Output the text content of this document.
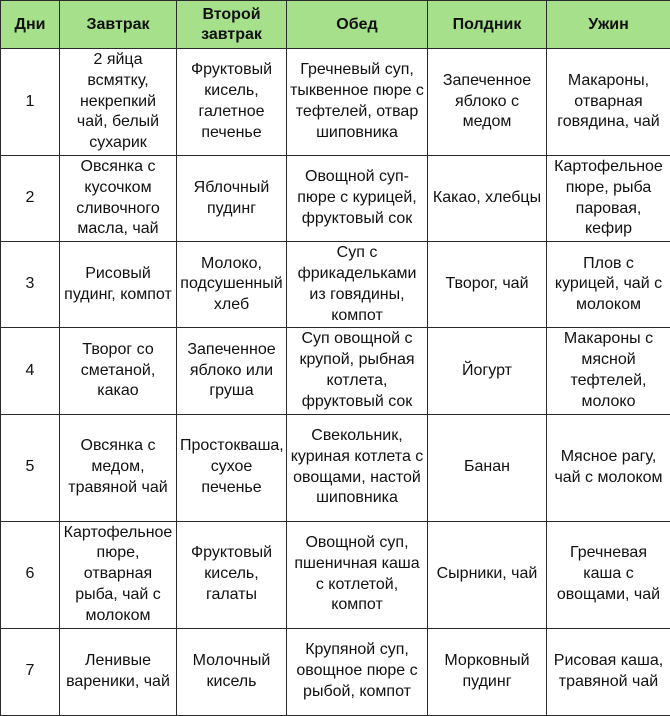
Дни	Завтрак	Второй завтрак	Обед	Полдник	Ужин
1	2 яйца всмятку, некрепкий чай, белый сухарик	Фруктовый кисель, галетное печенье	Гречневый суп, тыквенное пюре с тефтелей, отвар шиповника	Запеченное яблоко с медом	Макароны, отварная говядина, чай
2	Овсянка с кусочком сливочного масла, чай	Яблочный пудинг	Овощной суп-пюре с курицей, фруктовый сок	Какао, хлебцы	Картофельное пюре, рыба паровая, кефир
3	Рисовый пудинг, компот	Молоко, подсушенный хлеб	Суп с фрикадельками из говядины, компот	Творог, чай	Плов с курицей, чай с молоком
4	Творог со сметаной, какао	Запеченное яблоко или груша	Суп овощной с крупой, рыбная котлета, фруктовый сок	Йогурт	Макароны с мясной тефтелей, молоко
5	Овсянка с медом, травяной чай	Простокваша, сухое печенье	Свекольник, куриная котлета с овощами, настой шиповника	Банан	Мясное рагу, чай с молоком
6	Картофельное пюре, отварная рыба, чай с молоком	Фруктовый кисель, галаты	Овощной суп, пшеничная каша с котлетой, компот	Сырники, чай	Гречневая каша с овощами, чай
7	Ленивые вареники, чай	Молочный кисель	Крупяной суп, овощное пюре с рыбой, компот	Морковный пудинг	Рисовая каша, травяной чай
